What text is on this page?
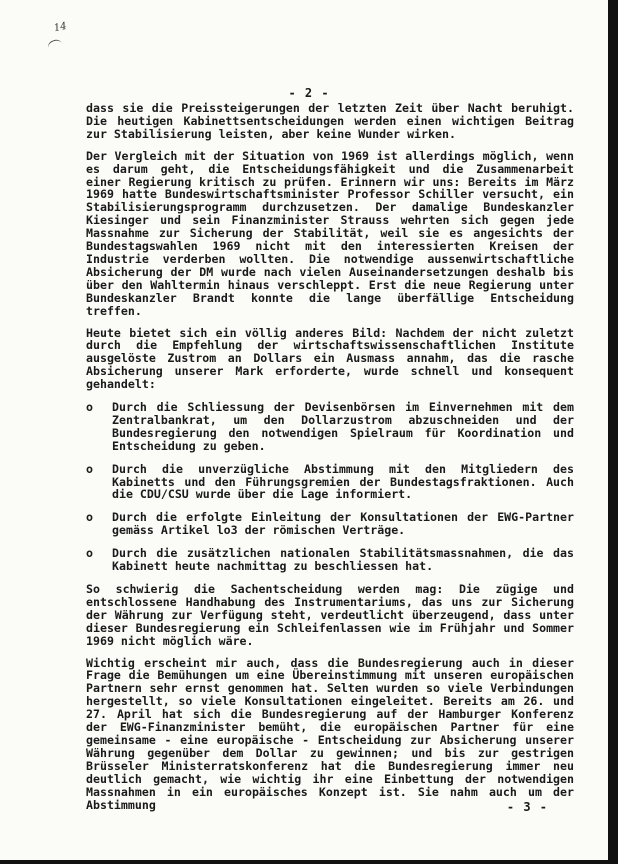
14
- 2 -

dass sie die Preissteigerungen der letzten Zeit über Nacht beruhigt. Die heutigen Kabinettsentscheidungen werden einen wichtigen Beitrag zur Stabilisierung leisten, aber keine Wunder wirken.

Der Vergleich mit der Situation von 1969 ist allerdings möglich, wenn es darum geht, die Entscheidungsfähigkeit und die Zusammenarbeit einer Regierung kritisch zu prüfen. Erinnern wir uns: Bereits im März 1969 hatte Bundeswirtschaftsminister Professor Schiller versucht, ein Stabilisierungsprogramm durchzusetzen. Der damalige Bundeskanzler Kiesinger und sein Finanzminister Strauss wehrten sich gegen jede Massnahme zur Sicherung der Stabilität, weil sie es angesichts der Bundestagswahlen 1969 nicht mit den interessierten Kreisen der Industrie verderben wollten. Die notwendige aussenwirtschaftliche Absicherung der DM wurde nach vielen Auseinandersetzungen deshalb bis über den Wahltermin hinaus verschleppt. Erst die neue Regierung unter Bundeskanzler Brandt konnte die lange überfällige Entscheidung treffen.

Heute bietet sich ein völlig anderes Bild: Nachdem der nicht zuletzt durch die Empfehlung der wirtschaftswissenschaftlichen Institute ausgelöste Zustrom an Dollars ein Ausmass annahm, das die rasche Absicherung unserer Mark erforderte, wurde schnell und konsequent gehandelt:

o	Durch die Schliessung der Devisenbörsen im Einvernehmen mit dem Zentralbankrat, um den Dollarzustrom abzuschneiden und der Bundesregierung den notwendigen Spielraum für Koordination und Entscheidung zu geben.
o	Durch die unverzügliche Abstimmung mit den Mitgliedern des Kabinetts und den Führungsgremien der Bundestagsfraktionen. Auch die CDU/CSU wurde über die Lage informiert.
o	Durch die erfolgte Einleitung der Konsultationen der EWG-Partner gemäss Artikel lo3 der römischen Verträge.
o	Durch die zusätzlichen nationalen Stabilitätsmassnahmen, die das Kabinett heute nachmittag zu beschliessen hat.

So schwierig die Sachentscheidung werden mag: Die zügige und entschlossene Handhabung des Instrumentariums, das uns zur Sicherung der Währung zur Verfügung steht, verdeutlicht überzeugend, dass unter dieser Bundesregierung ein Schleifenlassen wie im Frühjahr und Sommer 1969 nicht möglich wäre.

Wichtig erscheint mir auch, dass die Bundesregierung auch in dieser Frage die Bemühungen um eine Übereinstimmung mit unseren europäischen Partnern sehr ernst genommen hat. Selten wurden so viele Verbindungen hergestellt, so viele Konsultationen eingeleitet. Bereits am 26. und 27. April hat sich die Bundesregierung auf der Hamburger Konferenz der EWG-Finanzminister bemüht, die europäischen Partner für eine gemeinsame - eine europäische - Entscheidung zur Absicherung unserer Währung gegenüber dem Dollar zu gewinnen; und bis zur gestrigen Brüsseler Ministerratskonferenz hat die Bundesregierung immer neu deutlich gemacht, wie wichtig ihr eine Einbettung der notwendigen Massnahmen in ein europäisches Konzept ist. Sie nahm auch um der Abstimmung	- 3 -
